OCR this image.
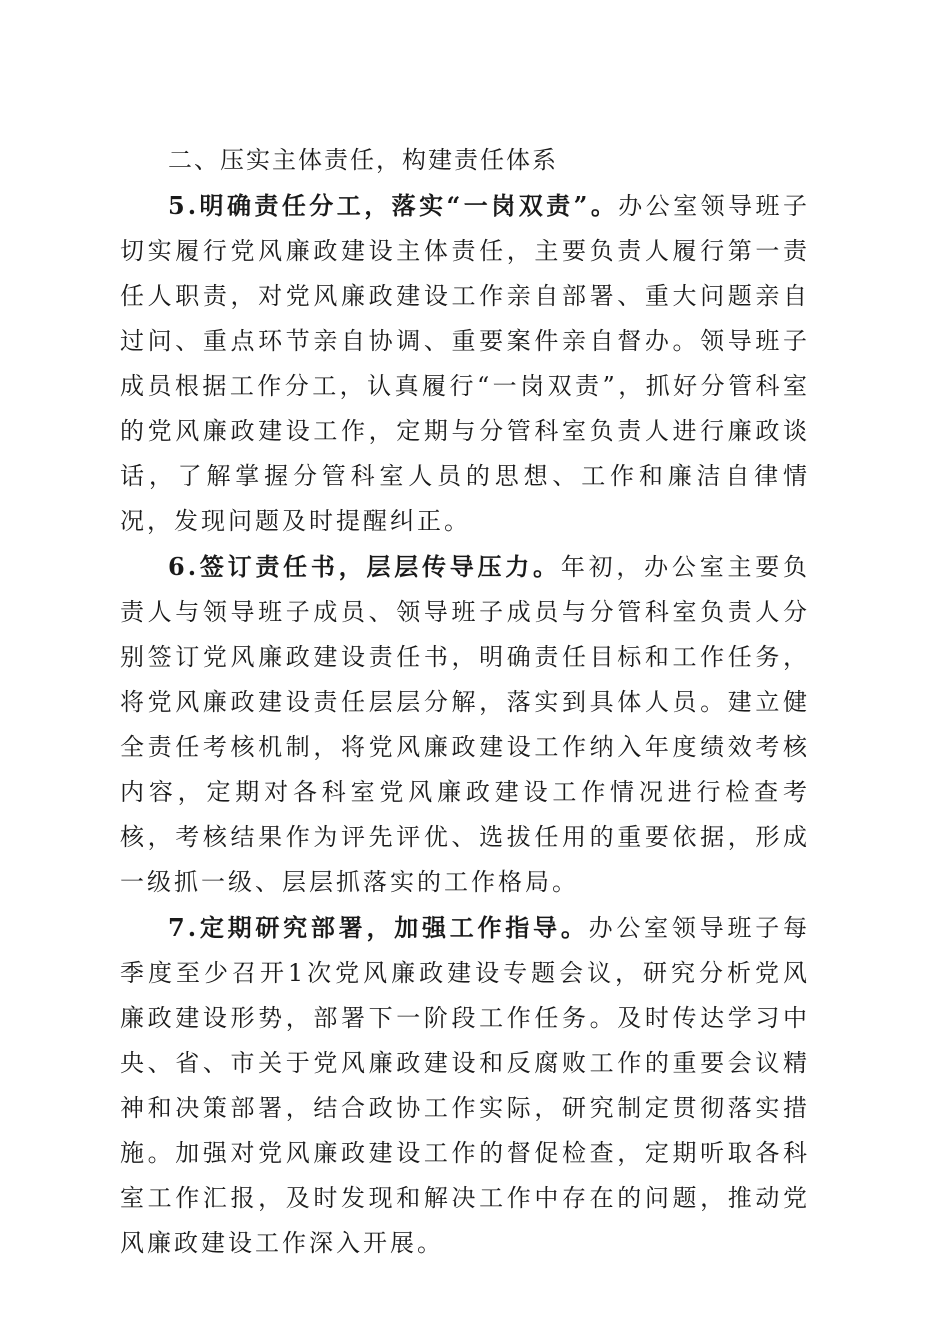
二、压实主体责任，构建责任体系

5.明确责任分工，落实“一岗双责”。办公室领导班子切实履行党风廉政建设主体责任，主要负责人履行第一责任人职责，对党风廉政建设工作亲自部署、重大问题亲自过问、重点环节亲自协调、重要案件亲自督办。领导班子成员根据工作分工，认真履行“一岗双责”，抓好分管科室的党风廉政建设工作，定期与分管科室负责人进行廉政谈话，了解掌握分管科室人员的思想、工作和廉洁自律情况，发现问题及时提醒纠正。

6.签订责任书，层层传导压力。年初，办公室主要负责人与领导班子成员、领导班子成员与分管科室负责人分别签订党风廉政建设责任书，明确责任目标和工作任务，将党风廉政建设责任层层分解，落实到具体人员。建立健全责任考核机制，将党风廉政建设工作纳入年度绩效考核内容，定期对各科室党风廉政建设工作情况进行检查考核，考核结果作为评先评优、选拔任用的重要依据，形成一级抓一级、层层抓落实的工作格局。

7.定期研究部署，加强工作指导。办公室领导班子每季度至少召开1次党风廉政建设专题会议，研究分析党风廉政建设形势，部署下一阶段工作任务。及时传达学习中央、省、市关于党风廉政建设和反腐败工作的重要会议精神和决策部署，结合政协工作实际，研究制定贯彻落实措施。加强对党风廉政建设工作的督促检查，定期听取各科室工作汇报，及时发现和解决工作中存在的问题，推动党风廉政建设工作深入开展。
